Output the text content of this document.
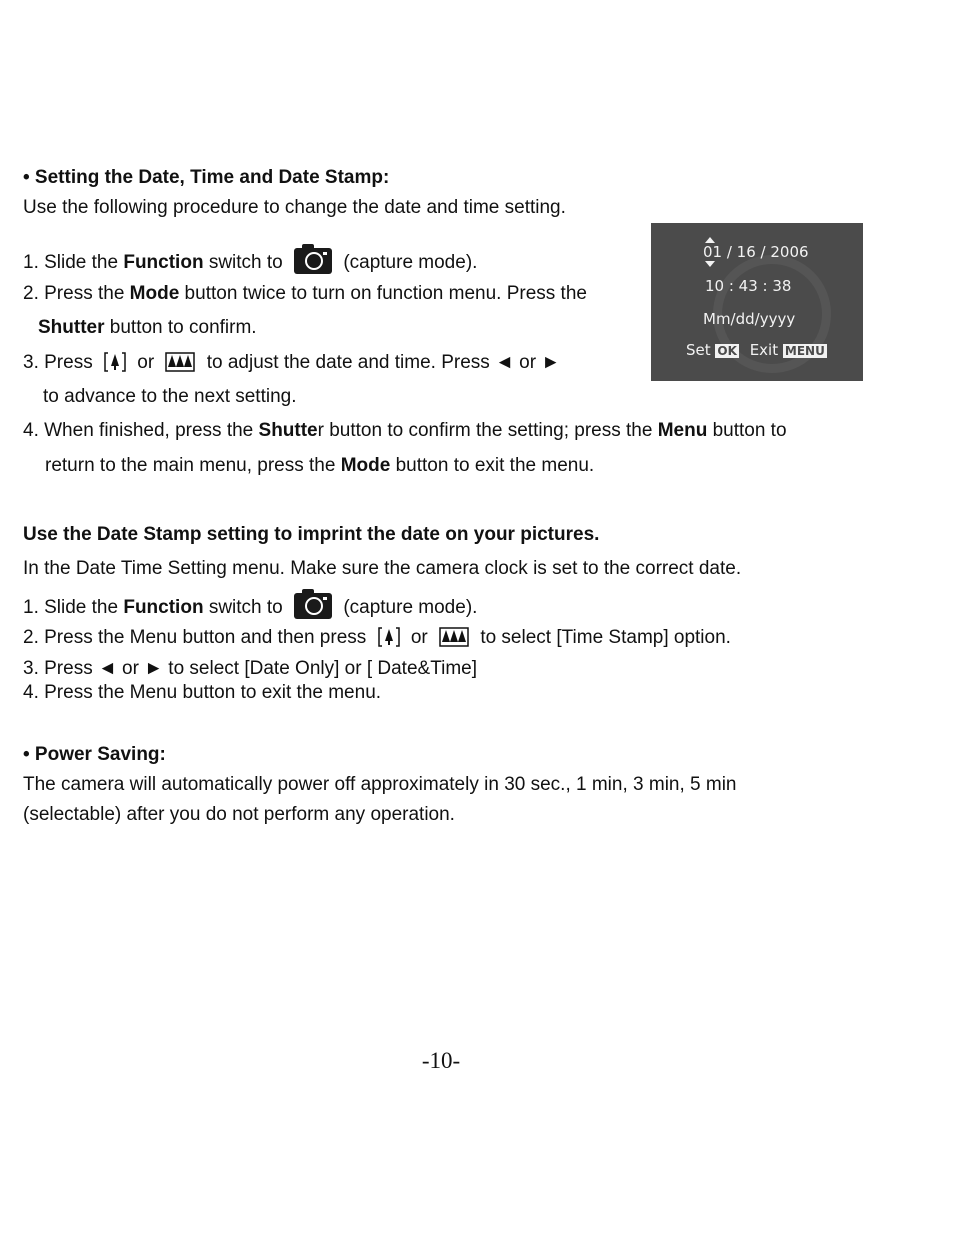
• Setting the Date, Time and Date Stamp:
Use the following procedure to change the date and time setting.
1. Slide the Function switch to	(capture mode).
2. Press the Mode button twice to turn on function menu. Press the
Shutter button to confirm.
3. Press  or	to adjust the date and time. Press ◄ or ►
to advance to the next setting.
4. When finished, press the Shutter button to confirm the setting; press the Menu button to
return to the main menu, press the Mode button to exit the menu.
01 / 16 / 2006
10 : 43 : 38
Mm/dd/yyyy
Set OK Exit MENU
Use the Date Stamp setting to imprint the date on your pictures.
In the Date Time Setting menu. Make sure the camera clock is set to the correct date.
1. Slide the Function switch to	(capture mode).
2. Press the Menu button and then press or	to select [Time Stamp] option.
3. Press ◄ or ► to select [Date Only] or [ Date&Time]
4. Press the Menu button to exit the menu.
• Power Saving:
The camera will automatically power off approximately in 30 sec., 1 min, 3 min, 5 min
(selectable) after you do not perform any operation.
-10-
